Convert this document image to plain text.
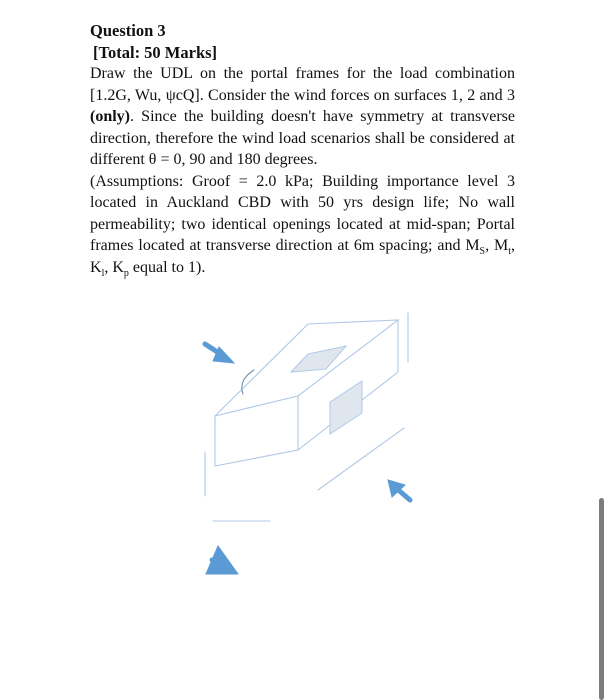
Question 3

[Total: 50 Marks]

Draw the UDL on the portal frames for the load combination [1.2G, Wu, ψcQ]. Consider the wind forces on surfaces 1, 2 and 3 (only). Since the building doesn't have symmetry at transverse direction, therefore the wind load scenarios shall be considered at different θ = 0, 90 and 180 degrees.

(Assumptions: Groof = 2.0 kPa; Building importance level 3 located in Auckland CBD with 50 yrs design life; No wall permeability; two identical openings located at mid-span; Portal frames located at transverse direction at 6m spacing; and $M_S$, $M_t$, $K_l$, $K_p$ equal to 1).
